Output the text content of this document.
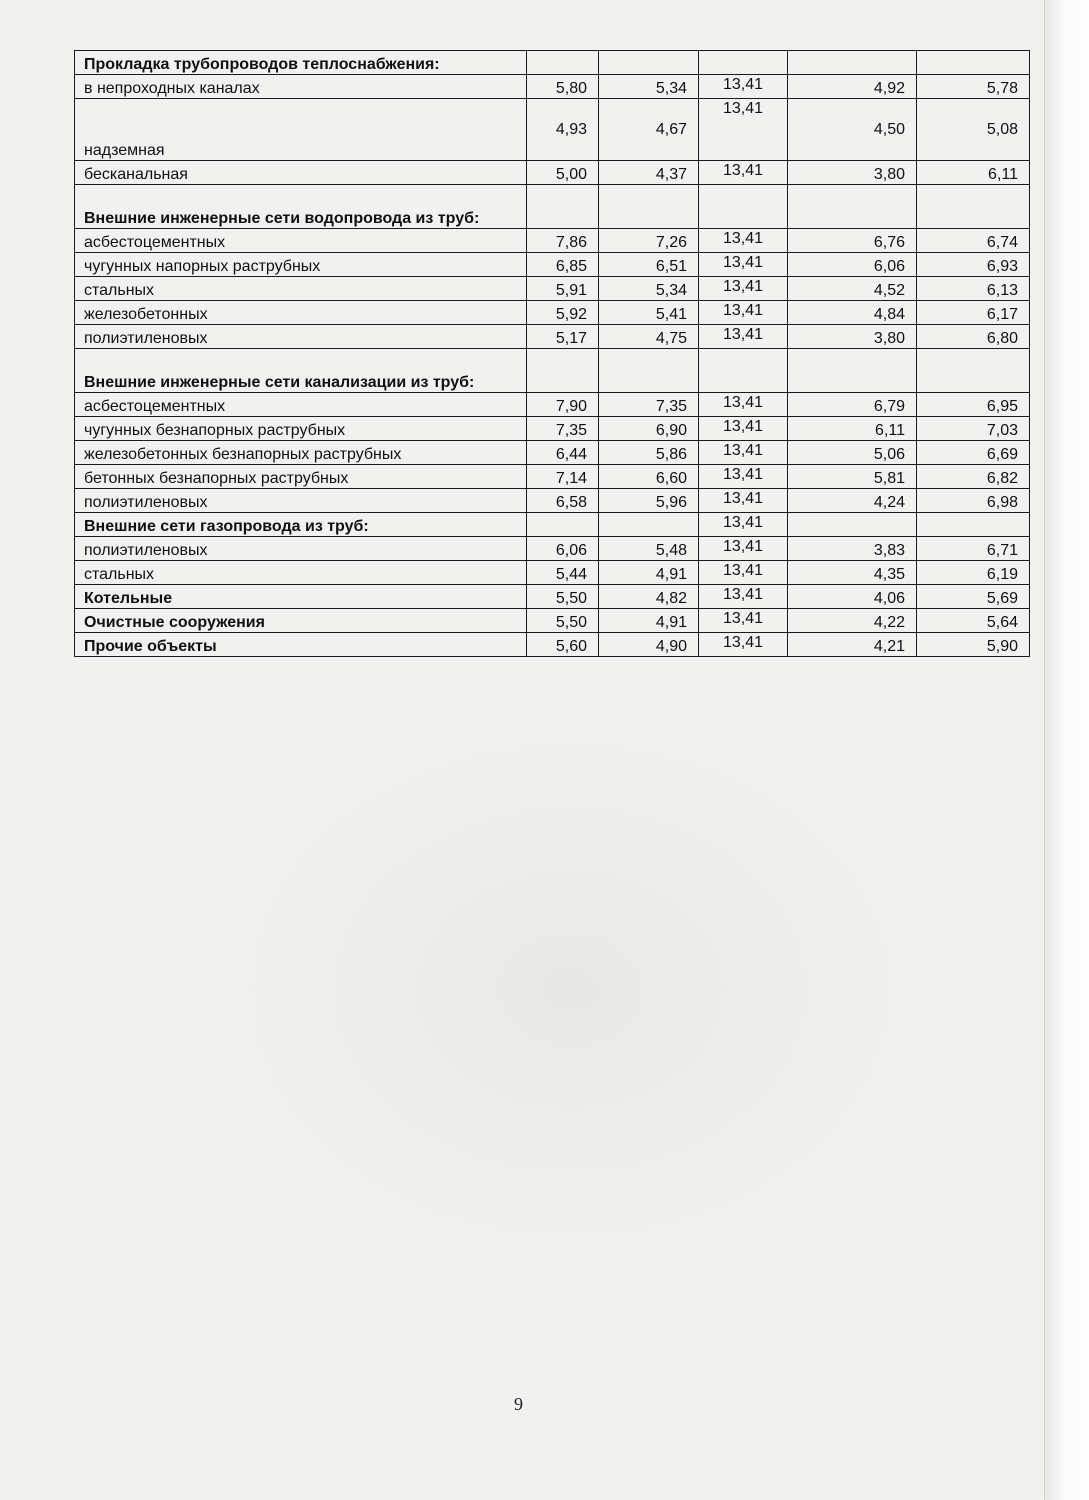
Прокладка трубопроводов теплоснабжения:					
в непроходных каналах	5,80	5,34	13,41	4,92	5,78
надземная	4,93	4,67	13,41	4,50	5,08
бесканальная	5,00	4,37	13,41	3,80	6,11
Внешние инженерные сети водопровода из труб:					
асбестоцементных	7,86	7,26	13,41	6,76	6,74
чугунных напорных раструбных	6,85	6,51	13,41	6,06	6,93
стальных	5,91	5,34	13,41	4,52	6,13
железобетонных	5,92	5,41	13,41	4,84	6,17
полиэтиленовых	5,17	4,75	13,41	3,80	6,80
Внешние инженерные сети канализации из труб:					
асбестоцементных	7,90	7,35	13,41	6,79	6,95
чугунных безнапорных раструбных	7,35	6,90	13,41	6,11	7,03
железобетонных безнапорных раструбных	6,44	5,86	13,41	5,06	6,69
бетонных безнапорных раструбных	7,14	6,60	13,41	5,81	6,82
полиэтиленовых	6,58	5,96	13,41	4,24	6,98
Внешние сети газопровода из труб:			13,41		
полиэтиленовых	6,06	5,48	13,41	3,83	6,71
стальных	5,44	4,91	13,41	4,35	6,19
Котельные	5,50	4,82	13,41	4,06	5,69
Очистные сооружения	5,50	4,91	13,41	4,22	5,64
Прочие объекты	5,60	4,90	13,41	4,21	5,90
9
